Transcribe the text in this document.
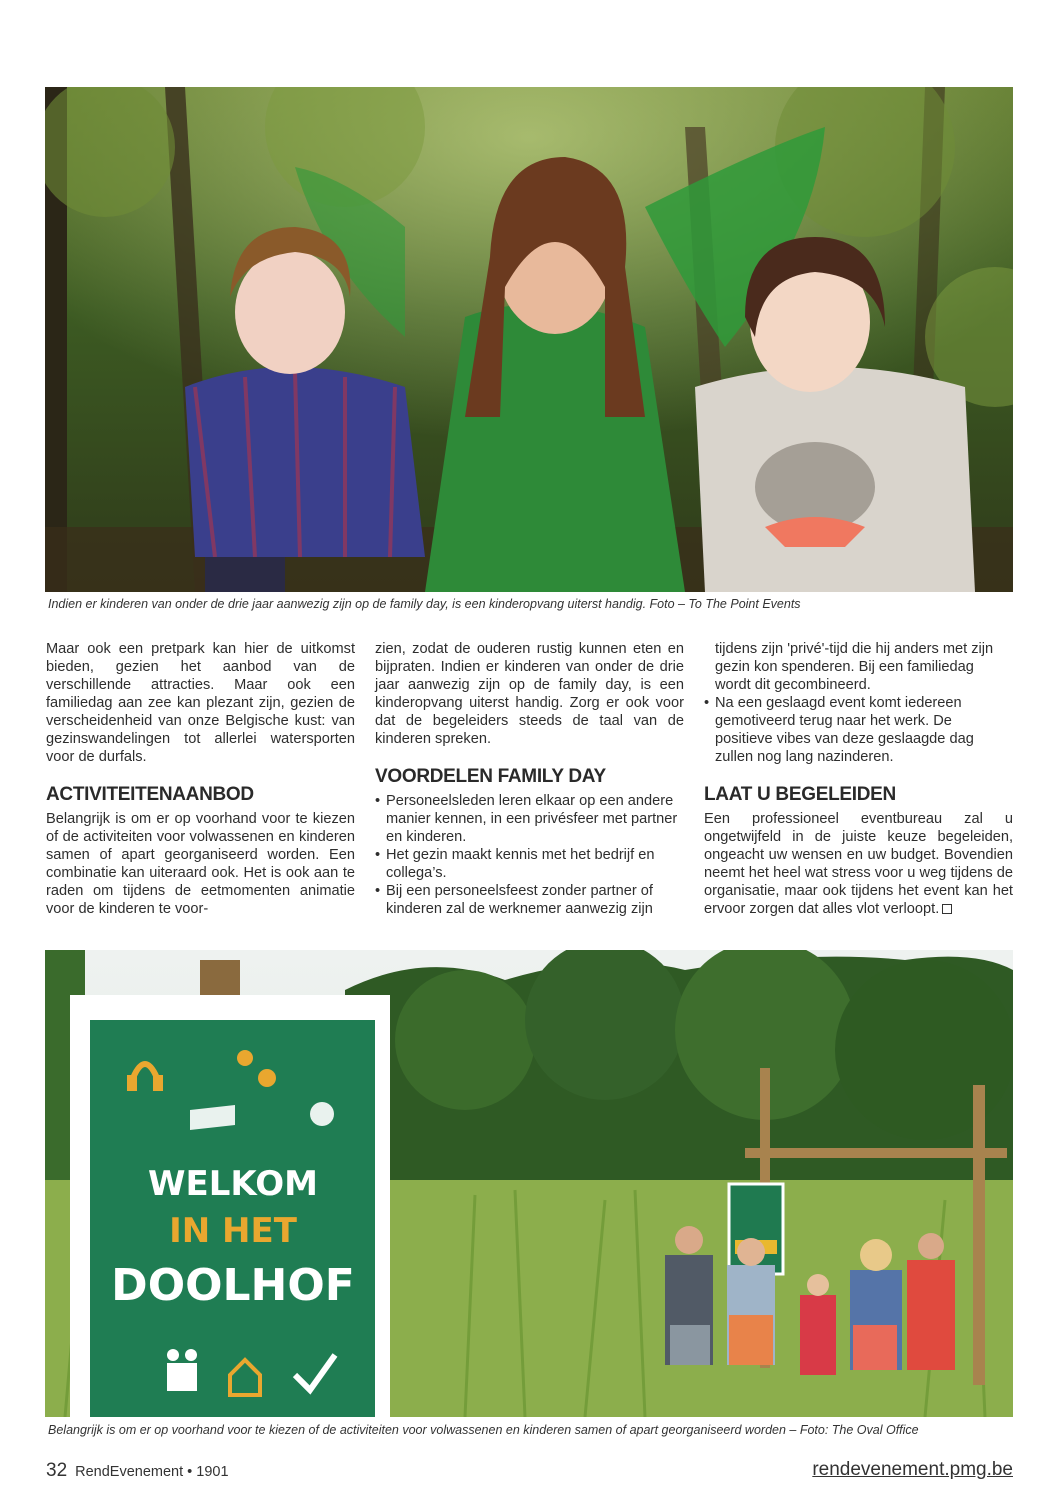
Indien er kinderen van onder de drie jaar aanwezig zijn op de family day, is een kinderopvang uiterst handig. Foto – To The Point Events

Maar ook een pretpark kan hier de uitkomst bieden, gezien het aanbod van de verschillende attracties. Maar ook een familiedag aan zee kan plezant zijn, gezien de verscheidenheid van onze Belgische kust: van gezinswandelingen tot allerlei watersporten voor de durfals.

ACTIVITEITENAANBOD

Belangrijk is om er op voorhand voor te kiezen of de activiteiten voor volwassenen en kinderen samen of apart georganiseerd worden. Een combinatie kan uiteraard ook. Het is ook aan te raden om tijdens de eetmomenten animatie voor de kinderen te voor-

zien, zodat de ouderen rustig kunnen eten en bijpraten. Indien er kinderen van onder de drie jaar aanwezig zijn op de family day, is een kinderopvang uiterst handig. Zorg er ook voor dat de begeleiders steeds de taal van de kinderen spreken.

VOORDELEN FAMILY DAY
• Personeelsleden leren elkaar op een andere manier kennen, in een privésfeer met partner en kinderen.
• Het gezin maakt kennis met het bedrijf en collega’s.
• Bij een personeelsfeest zonder partner of kinderen zal de werknemer aanwezig zijn
tijdens zijn 'privé'-tijd die hij anders met zijn gezin kon spenderen. Bij een familiedag wordt dit gecombineerd.
• Na een geslaagd event komt iedereen gemotiveerd terug naar het werk. De positieve vibes van deze geslaagde dag zullen nog lang nazinderen.
LAAT U BEGELEIDEN

Een professioneel eventbureau zal u ongetwijfeld in de juiste keuze begeleiden, ongeacht uw wensen en uw budget. Bovendien neemt het heel wat stress voor u weg tijdens de organisatie, maar ook tijdens het event kan het ervoor zorgen dat alles vlot verloopt.

WELKOM
IN HET
DOOLHOF
Belangrijk is om er op voorhand voor te kiezen of de activiteiten voor volwassenen en kinderen samen of apart georganiseerd worden – Foto: The Oval Office
32 RendEvenement • 1901	rendevenement.pmg.be
